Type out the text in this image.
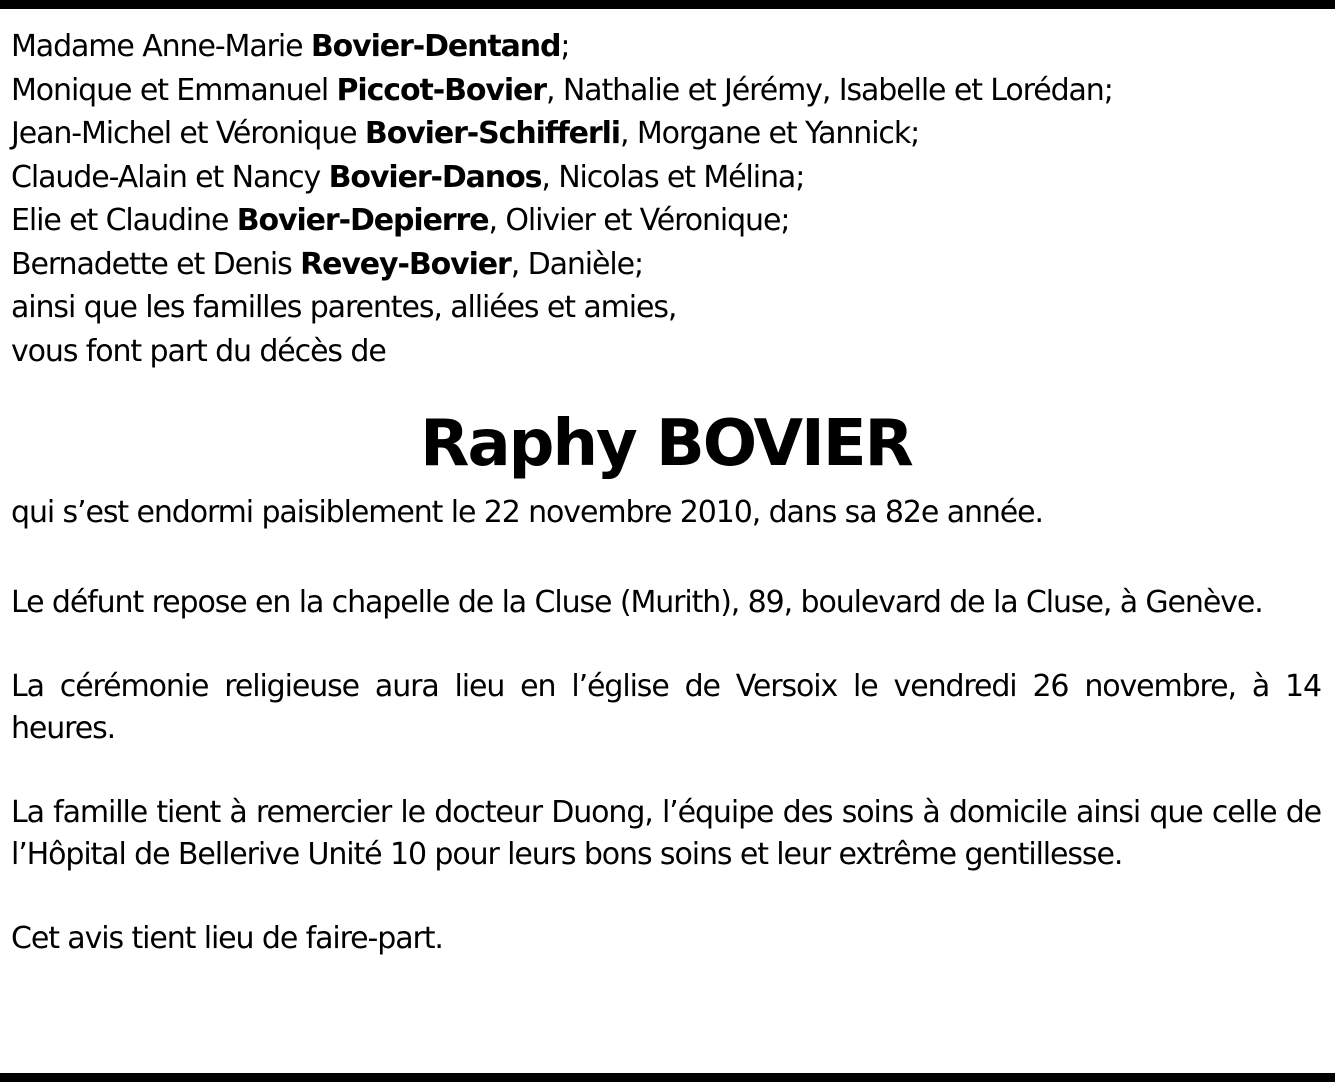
Madame Anne-Marie Bovier-Dentand;

Monique et Emmanuel Piccot-Bovier, Nathalie et Jérémy, Isabelle et Lorédan;

Jean-Michel et Véronique Bovier-Schifferli, Morgane et Yannick;

Claude-Alain et Nancy Bovier-Danos, Nicolas et Mélina;

Elie et Claudine Bovier-Depierre, Olivier et Véronique;

Bernadette et Denis Revey-Bovier, Danièle;

ainsi que les familles parentes, alliées et amies,

vous font part du décès de

Raphy BOVIER

qui s’est endormi paisiblement le 22 novembre 2010, dans sa 82e année.

Le défunt repose en la chapelle de la Cluse (Murith), 89, boulevard de la Cluse, à Genève.

La cérémonie religieuse aura lieu en l’église de Versoix le vendredi 26 novembre, à 14 heures.

La famille tient à remercier le docteur Duong, l’équipe des soins à domicile ainsi que celle de l’Hôpital de Bellerive Unité 10 pour leurs bons soins et leur extrême gentillesse.

Cet avis tient lieu de faire-part.
